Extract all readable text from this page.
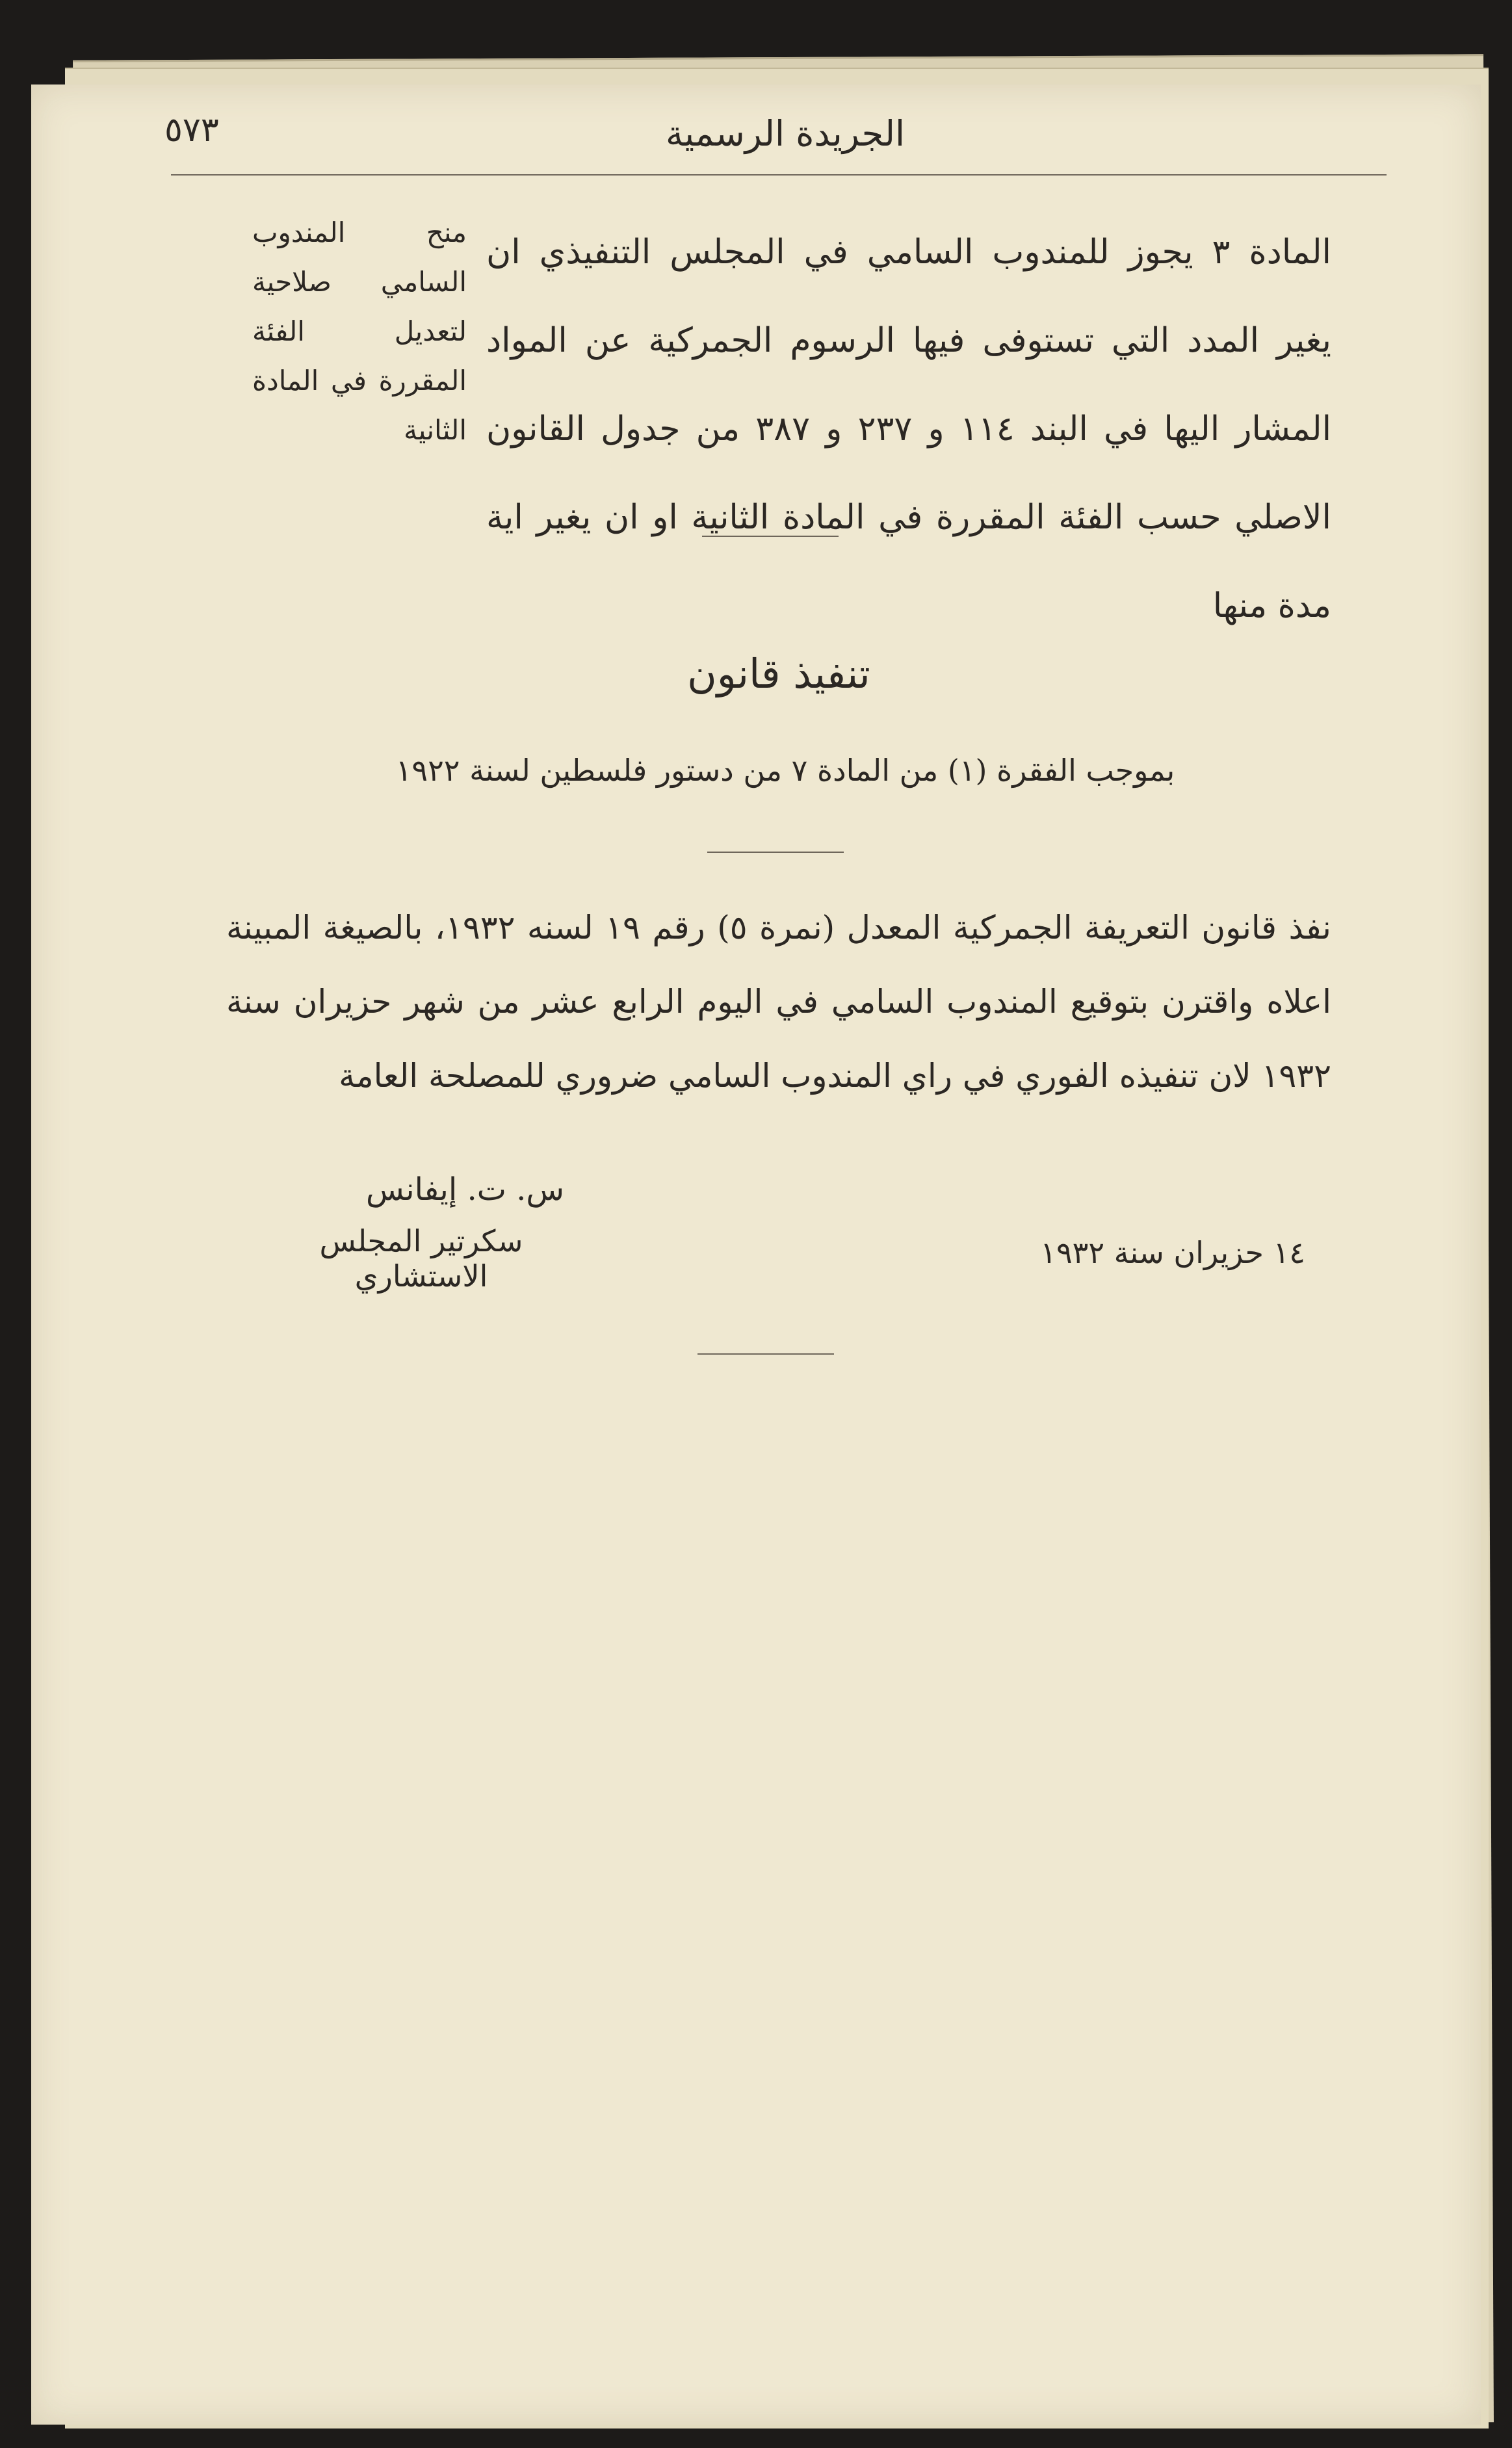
٥٧٣	الجريدة الرسمية
المادة ٣ يجوز للمندوب السامي في المجلس التنفيذي ان يغير المدد التي تستوفى فيها الرسوم الجمركية عن المواد المشار اليها في البند ١١٤ و ٢٣٧ و ٣٨٧ من جدول القانون الاصلي حسب الفئة المقررة في المادة الثانية او ان يغير اية مدة منها
منح المندوب السامي صلاحية لتعديل الفئة المقررة في المادة الثانية
تنفيذ قانون
بموجب الفقرة (١) من المادة ٧ من دستور فلسطين لسنة ١٩٢٢
نفذ قانون التعريفة الجمركية المعدل (نمرة ٥) رقم ١٩ لسنه ١٩٣٢، بالصيغة المبينة اعلاه واقترن بتوقيع المندوب السامي في اليوم الرابع عشر من شهر حزيران سنة ١٩٣٢ لان تنفيذه الفوري في راي المندوب السامي ضروري للمصلحة العامة
س. ت. إيفانس
سكرتير المجلس الاستشاري
١٤ حزيران سنة ١٩٣٢
